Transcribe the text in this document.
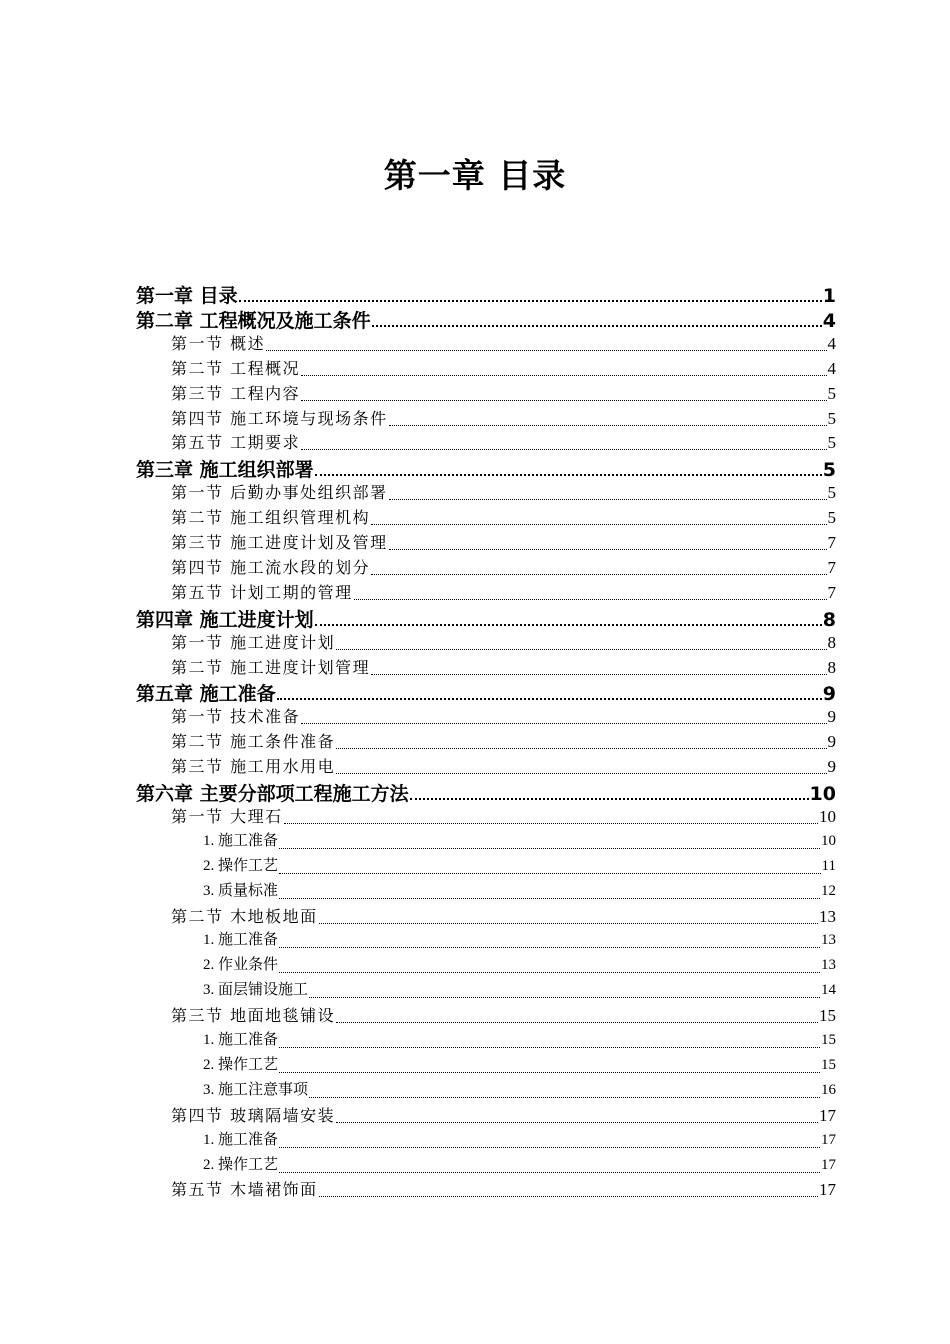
第一章 目录
第一章 目录	1
第二章 工程概况及施工条件	4
第一节 概述	4
第二节 工程概况	4
第三节 工程内容	5
第四节 施工环境与现场条件	5
第五节 工期要求	5
第三章 施工组织部署	5
第一节 后勤办事处组织部署	5
第二节 施工组织管理机构	5
第三节 施工进度计划及管理	7
第四节 施工流水段的划分	7
第五节 计划工期的管理	7
第四章 施工进度计划	8
第一节 施工进度计划	8
第二节 施工进度计划管理	8
第五章 施工准备	9
第一节 技术准备	9
第二节 施工条件准备	9
第三节 施工用水用电	9
第六章 主要分部项工程施工方法	10
第一节 大理石	10
1. 施工准备	10
2. 操作工艺	11
3. 质量标准	12
第二节 木地板地面	13
1. 施工准备	13
2. 作业条件	13
3. 面层铺设施工	14
第三节 地面地毯铺设	15
1. 施工准备	15
2. 操作工艺	15
3. 施工注意事项	16
第四节 玻璃隔墙安装	17
1. 施工准备	17
2. 操作工艺	17
第五节 木墙裙饰面	17
